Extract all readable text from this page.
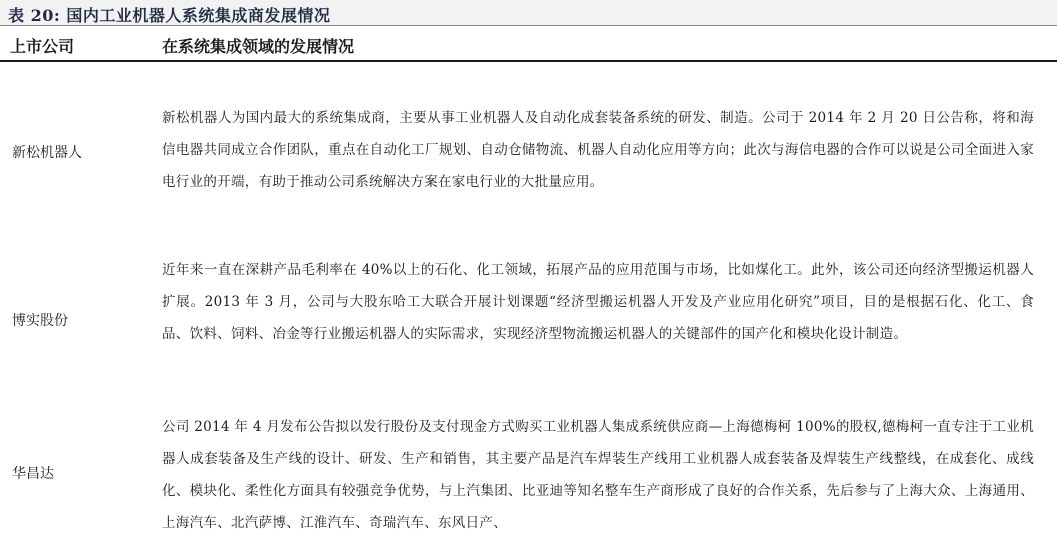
表 20: 国内工业机器人系统集成商发展情况
上市公司	在系统集成领域的发展情况
新松机器人
新松机器人为国内最大的系统集成商，主要从事工业机器人及自动化成套装备系统的研发、制造。公司于 2014 年 2 月 20 日公告称，将和海信电器共同成立合作团队，重点在自动化工厂规划、自动仓储物流、机器人自动化应用等方向；此次与海信电器的合作可以说是公司全面进入家电行业的开端，有助于推动公司系统解决方案在家电行业的大批量应用。
博实股份
近年来一直在深耕产品毛利率在 40%以上的石化、化工领域，拓展产品的应用范围与市场，比如煤化工。此外，该公司还向经济型搬运机器人扩展。2013 年 3 月，公司与大股东哈工大联合开展计划课题“经济型搬运机器人开发及产业应用化研究”项目，目的是根据石化、化工、食品、饮料、饲料、冶金等行业搬运机器人的实际需求，实现经济型物流搬运机器人的关键部件的国产化和模块化设计制造。
华昌达
公司 2014 年 4 月发布公告拟以发行股份及支付现金方式购买工业机器人集成系统供应商—上海德梅柯 100%的股权,德梅柯一直专注于工业机器人成套装备及生产线的设计、研发、生产和销售，其主要产品是汽车焊装生产线用工业机器人成套装备及焊装生产线整线，在成套化、成线化、模块化、柔性化方面具有较强竞争优势，与上汽集团、比亚迪等知名整车生产商形成了良好的合作关系，先后参与了上海大众、上海通用、上海汽车、北汽萨博、江淮汽车、奇瑞汽车、东风日产、
